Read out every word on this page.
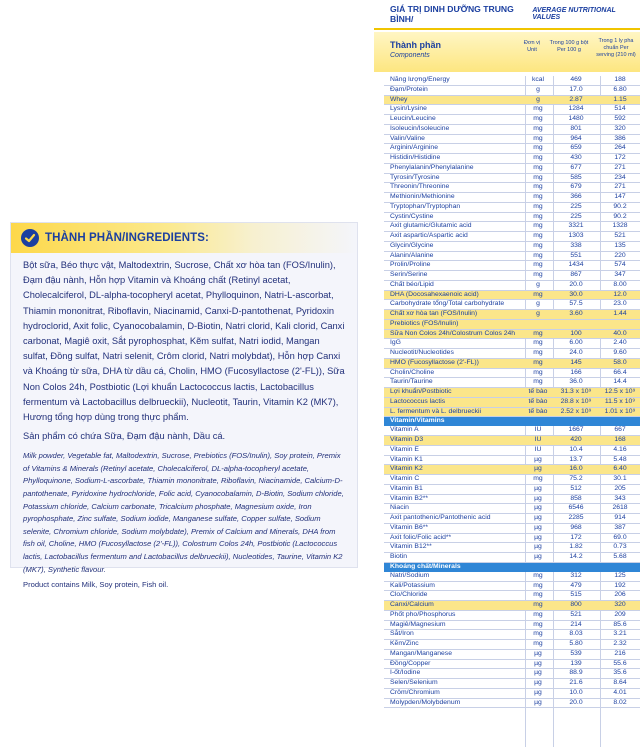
THÀNH PHẦN/INGREDIENTS:

Bột sữa, Béo thực vật, Maltodextrin, Sucrose, Chất xơ hòa tan (FOS/Inulin), Đạm đậu nành, Hỗn hợp Vitamin và Khoáng chất (Retinyl acetat, Cholecalciferol, DL-alpha-tocopheryl acetat, Phylloquinon, Natri-L-ascorbat, Thiamin mononitrat, Riboflavin, Niacinamid, Canxi-D-pantothenat, Pyridoxin hydroclorid, Axit folic, Cyanocobalamin, D-Biotin, Natri clorid, Kali clorid, Canxi carbonat, Magiê oxit, Sắt pyrophosphat, Kẽm sulfat, Natri iodid, Mangan sulfat, Đồng sulfat, Natri selenit, Crôm clorid, Natri molybdat), Hỗn hợp Canxi và Khoáng từ sữa, DHA từ dầu cá, Cholin, HMO (Fucosyllactose (2'-FL)), Sữa Non Colos 24h, Postbiotic (Lợi khuẩn Lactococcus lactis, Lactobacillus fermentum và Lactobacillus delbrueckii), Nucleotit, Taurin, Vitamin K2 (MK7), Hương tổng hợp dùng trong thực phẩm.

Sản phẩm có chứa Sữa, Đạm đậu nành, Dầu cá.

Milk powder, Vegetable fat, Maltodextrin, Sucrose, Prebiotics (FOS/Inulin), Soy protein, Premix of Vitamins & Minerals (Retinyl acetate, Cholecalciferol, DL-alpha-tocopheryl acetate, Phylloquinone, Sodium-L-ascorbate, Thiamin mononitrate, Riboflavin, Niacinamide, Calcium-D-pantothenate, Pyridoxine hydrochloride, Folic acid, Cyanocobalamin, D-Biotin, Sodium chloride, Potassium chloride, Calcium carbonate, Tricalcium phosphate, Magnesium oxide, Iron pyrophosphate, Zinc sulfate, Sodium iodide, Manganese sulfate, Copper sulfate, Sodium selenite, Chromium chloride, Sodium molybdate), Premix of Calcium and Minerals, DHA from fish oil, Choline, HMO (Fucosyllactose (2'-FL)), Colostrum Colos 24h, Postbiotic (Lactococcus lactis, Lactobacillus fermentum and Lactobacillus delbrueckii), Nucleotides, Taurine, Vitamin K2 (MK7), Synthetic flavour.

Product contains Milk, Soy protein, Fish oil.

GIÁ TRỊ DINH DƯỠNG TRUNG BÌNH/
AVERAGE NUTRITIONAL VALUES
Thành phần
Components
Đơn vị Unit
Trong 100 g bột Per 100 g
Trong 1 ly pha chuẩn Per serving (210 ml)
Năng lượng/Energy	kcal	469	188
Đạm/Protein	g	17.0	6.80
Whey	g	2.87	1.15
Lysin/Lysine	mg	1284	514
Leucin/Leucine	mg	1480	592
Isoleucin/Isoleucine	mg	801	320
Valin/Valine	mg	964	386
Arginin/Arginine	mg	659	264
Histidin/Histidine	mg	430	172
Phenylalanin/Phenylalanine	mg	677	271
Tyrosin/Tyrosine	mg	585	234
Threonin/Threonine	mg	679	271
Methionin/Methionine	mg	366	147
Tryptophan/Tryptophan	mg	225	90.2
Cystin/Cystine	mg	225	90.2
Axit glutamic/Glutamic acid	mg	3321	1328
Axit aspartic/Aspartic acid	mg	1303	521
Glycin/Glycine	mg	338	135
Alanin/Alanine	mg	551	220
Prolin/Proline	mg	1434	574
Serin/Serine	mg	867	347
Chất béo/Lipid	g	20.0	8.00
DHA (Docosahexaenoic acid)	mg	30.0	12.0
Carbohydrate tổng/Total carbohydrate	g	57.5	23.0
Chất xơ hòa tan (FOS/Inulin)	g	3.60	1.44
Prebiotics (FOS/Inulin)
Sữa Non Colos 24h/Colostrum Colos 24h	mg	100	40.0
IgG	mg	6.00	2.40
Nucleotit/Nucleotides	mg	24.0	9.60
HMO (Fucosyllactose (2'-FL))	mg	145	58.0
Cholin/Choline	mg	166	66.4
Taurin/Taurine	mg	36.0	14.4
Lợi khuẩn/Postbiotic	tế bào	31.3 x 10⁹	12.5 x 10⁹
Lactococcus lactis	tế bào	28.8 x 10⁹	11.5 x 10⁹
L. fermentum và L. delbrueckii	tế bào	2.52 x 10⁹	1.01 x 10⁹
Vitamin/Vitamins
Vitamin A	IU	1667	667
Vitamin D3	IU	420	168
Vitamin E	IU	10.4	4.16
Vitamin K1	µg	13.7	5.48
Vitamin K2	µg	16.0	6.40
Vitamin C	mg	75.2	30.1
Vitamin B1	µg	512	205
Vitamin B2**	µg	858	343
Niacin	µg	6546	2618
Axit pantothenic/Pantothenic acid	µg	2285	914
Vitamin B6**	µg	968	387
Axit folic/Folic acid**	µg	172	69.0
Vitamin B12**	µg	1.82	0.73
Biotin	µg	14.2	5.68
Khoáng chất/Minerals
Natri/Sodium	mg	312	125
Kali/Potassium	mg	479	192
Clo/Chloride	mg	515	206
Canxi/Calcium	mg	800	320
Phốt pho/Phosphorus	mg	521	209
Magiê/Magnesium	mg	214	85.6
Sắt/Iron	mg	8.03	3.21
Kẽm/Zinc	mg	5.80	2.32
Mangan/Manganese	µg	539	216
Đồng/Copper	µg	139	55.6
I-ốt/Iodine	µg	88.9	35.6
Selen/Selenium	µg	21.6	8.64
Crôm/Chromium	µg	10.0	4.01
Molypden/Molybdenum	µg	20.0	8.02
